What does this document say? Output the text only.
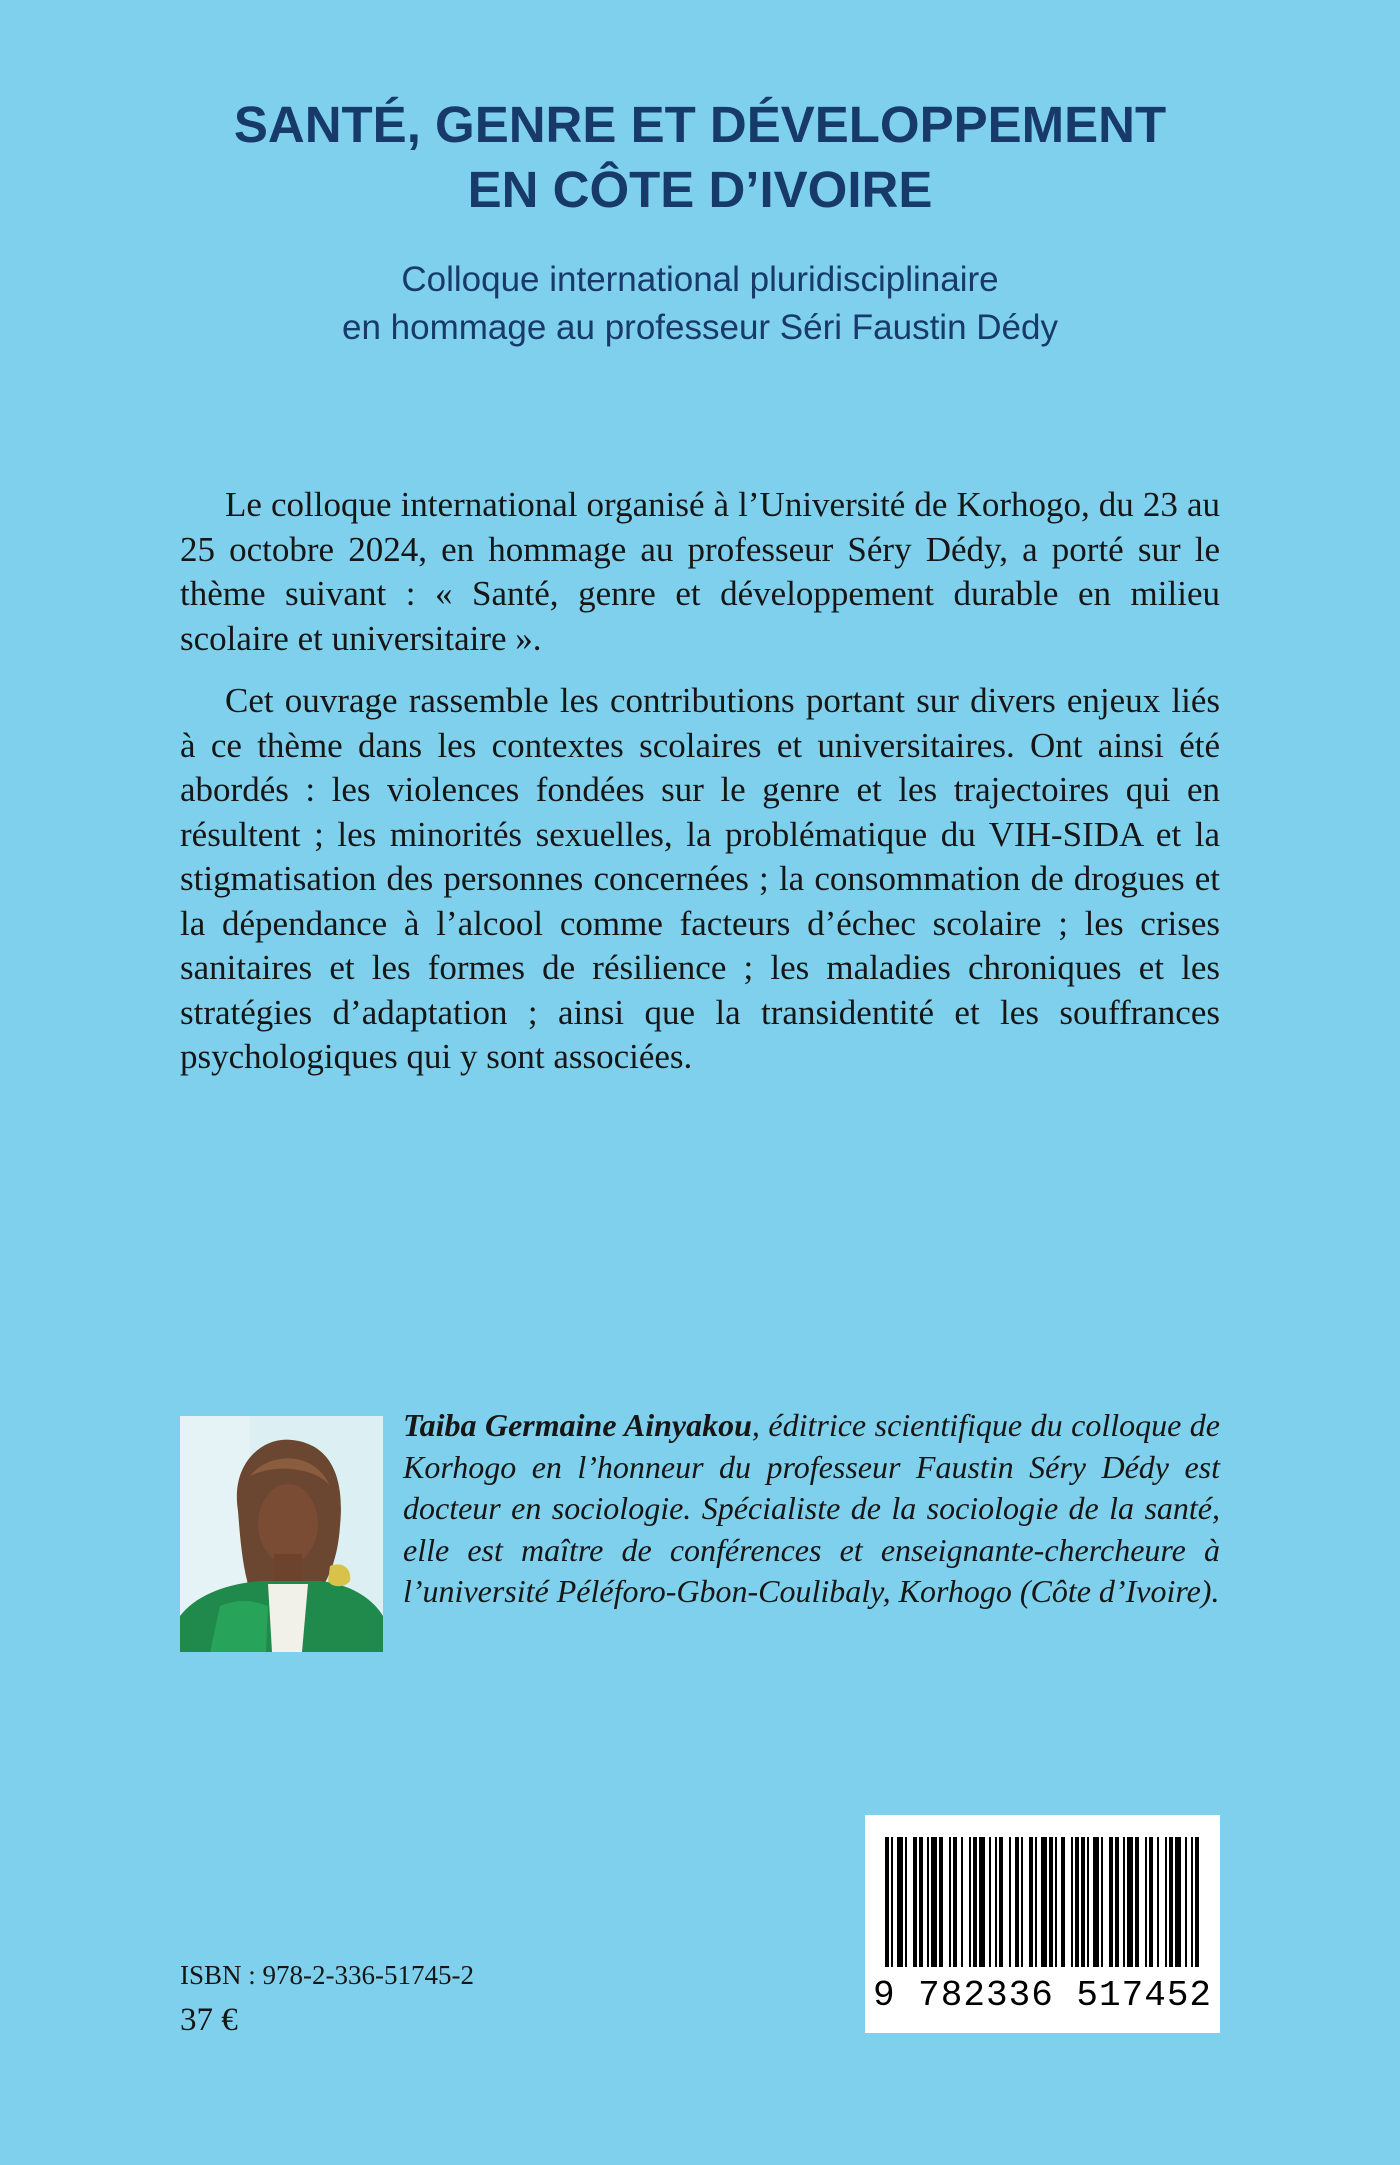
SANTÉ, GENRE ET DÉVELOPPEMENT
EN CÔTE D’IVOIRE
Colloque international pluridisciplinaire
en hommage au professeur Séri Faustin Dédy

Le colloque international organisé à l’Université de Korhogo, du 23 au 25 octobre 2024, en hommage au professeur Séry Dédy, a porté sur le thème suivant : « Santé, genre et développement durable en milieu scolaire et universitaire ».

Cet ouvrage rassemble les contributions portant sur divers enjeux liés à ce thème dans les contextes scolaires et universitaires. Ont ainsi été abordés : les violences fondées sur le genre et les trajectoires qui en résultent ; les minorités sexuelles, la problématique du VIH-SIDA et la stigmatisation des personnes concernées ; la consommation de drogues et la dépendance à l’alcool comme facteurs d’échec scolaire ; les crises sanitaires et les formes de résilience ; les maladies chroniques et les stratégies d’adaptation ; ainsi que la transidentité et les souffrances psychologiques qui y sont associées.

Taiba Germaine Ainyakou, éditrice scientifique du colloque de Korhogo en l’honneur du professeur Faustin Séry Dédy est docteur en sociologie. Spécialiste de la sociologie de la santé, elle est maître de conférences et enseignante-chercheure à l’université Péléforo-Gbon-Coulibaly, Korhogo (Côte d’Ivoire).
ISBN : 978-2-336-51745-2
37 €
9 782336 517452
